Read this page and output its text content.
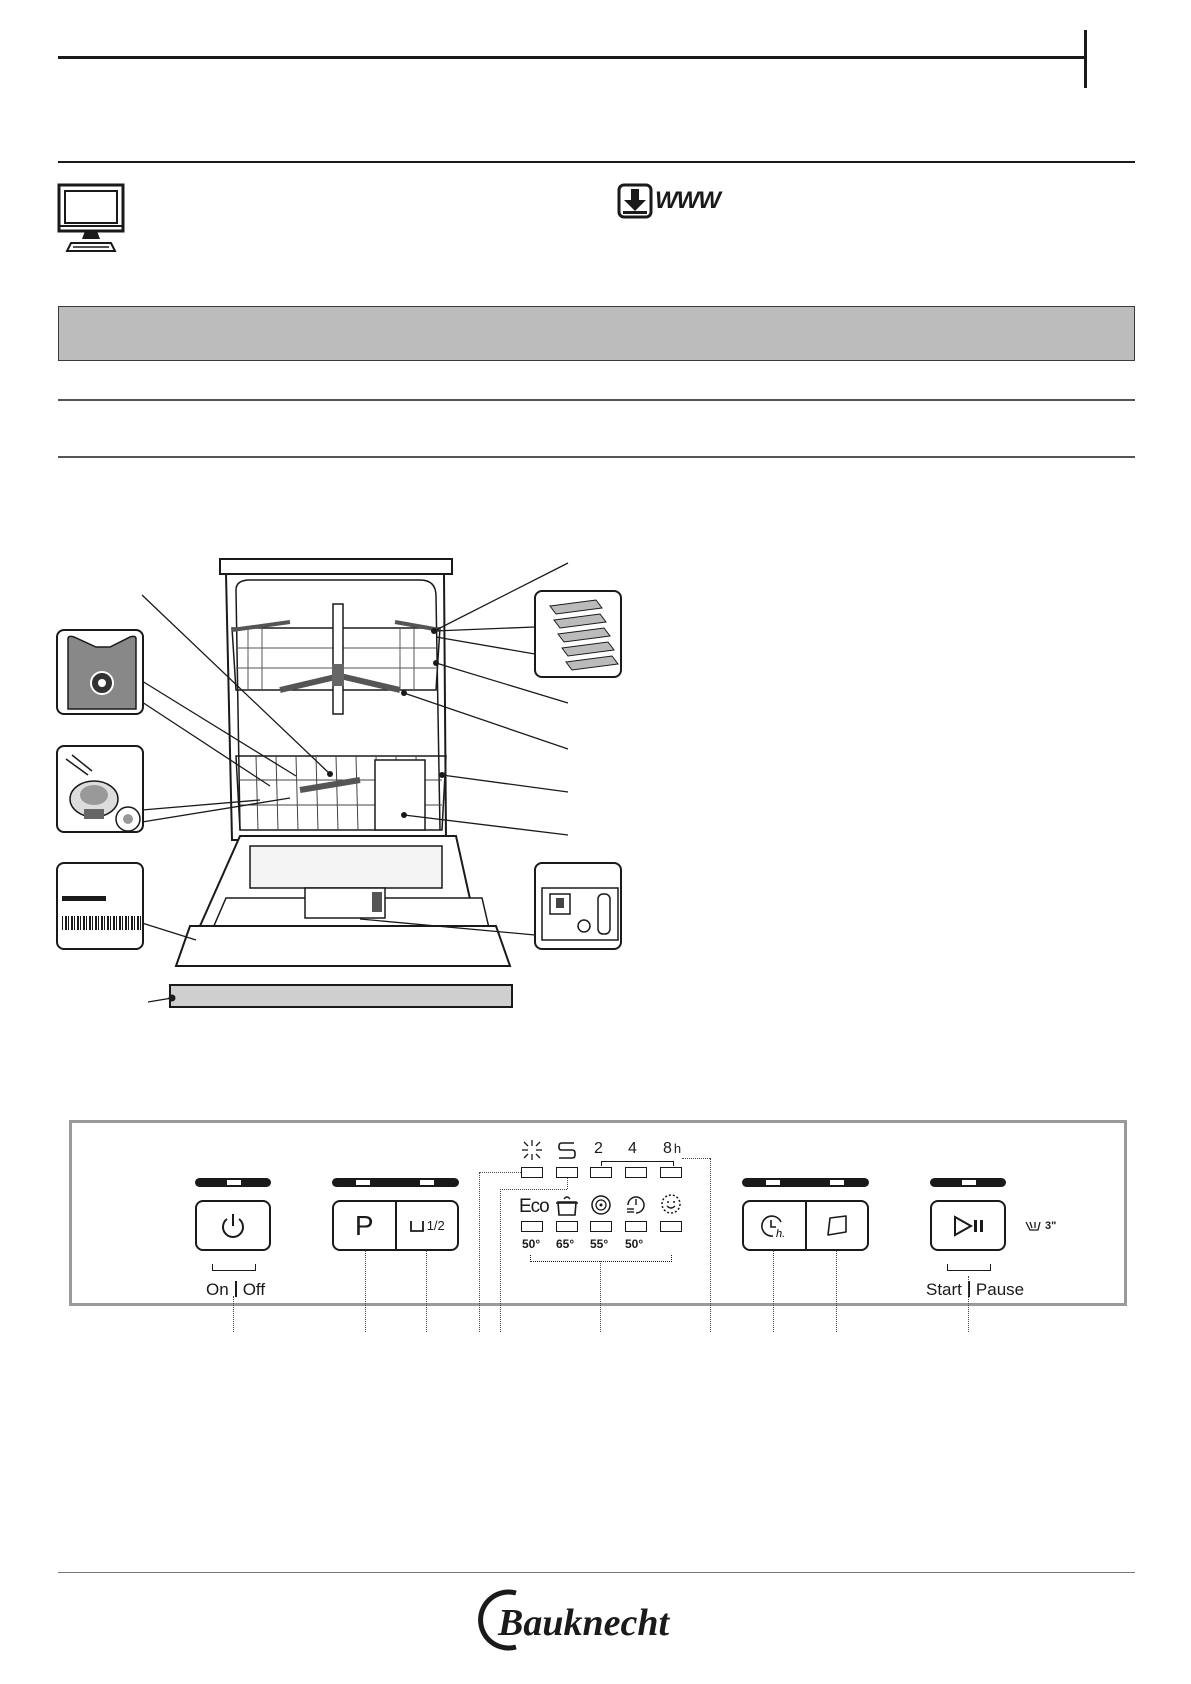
WWW
On Off
P	1/2
2 4 8 h
Eco
50° 65° 55° 50°
h.
3"
Start Pause
Bauknecht
